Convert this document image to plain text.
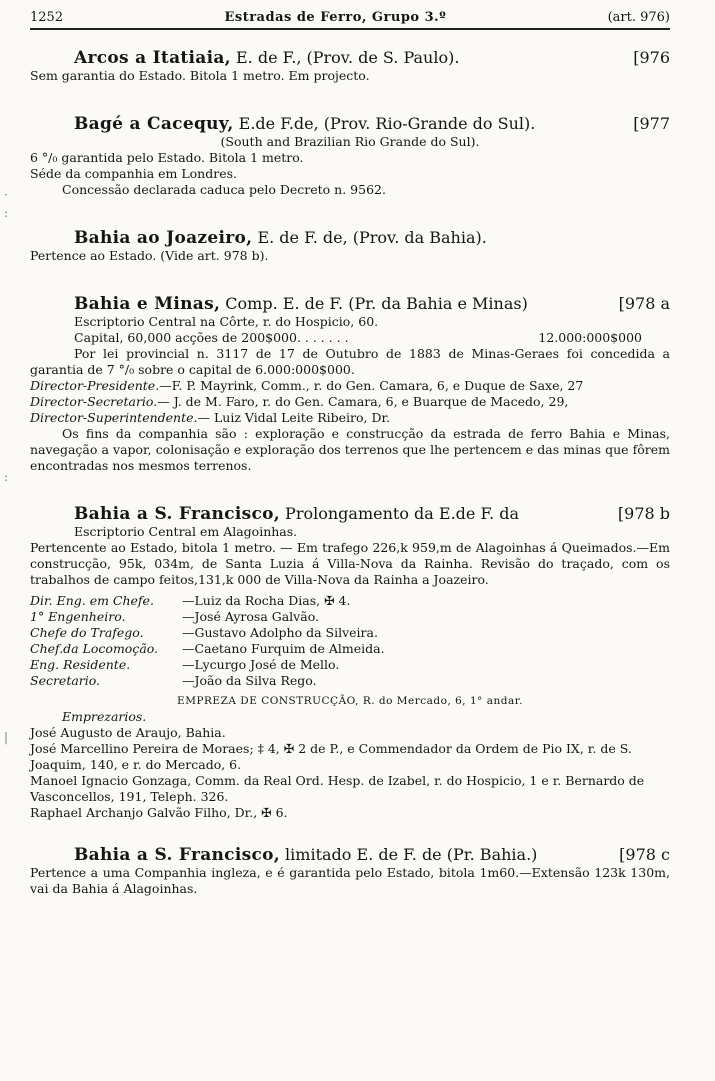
·
:
:
|
1252	Estradas de Ferro, Grupo 3.º	(art. 976)
Arcos a Itatiaia, E. de F., (Prov. de S. Paulo).	[976
Sem garantia do Estado. Bitola 1 metro. Em projecto.
Bagé a Cacequy, E.de F.de, (Prov. Rio-Grande do Sul).	[977
(South and Brazilian Rio Grande do Sul).
6 °/₀ garantida pelo Estado. Bitola 1 metro.
Séde da companhia em Londres.
Concessão declarada caduca pelo Decreto n. 9562.
Bahia ao Joazeiro, E. de F. de, (Prov. da Bahia).
Pertence ao Estado. (Vide art. 978 b).
Bahia e Minas, Comp. E. de F. (Pr. da Bahia e Minas)	[978 a
Escriptorio Central na Côrte, r. do Hospicio, 60.
Capital, 60,000 acções de 200$000. . . . . . .	12.000:000$000
Por lei provincial n. 3117 de 17 de Outubro de 1883 de Minas-Geraes foi concedida a garantia de 7 °/₀ sobre o capital de 6.000:000$000.
Director-Presidente.—F. P. Mayrink, Comm., r. do Gen. Camara, 6, e Duque de Saxe, 27
Director-Secretario.— J. de M. Faro, r. do Gen. Camara, 6, e Buarque de Macedo, 29,
Director-Superintendente.— Luiz Vidal Leite Ribeiro, Dr.
Os fins da companhia são : exploração e construcção da estrada de ferro Bahia e Minas, navegação a vapor, colonisação e exploração dos terrenos que lhe pertencem e das minas que fôrem encontradas nos mesmos terrenos.
Bahia a S. Francisco, Prolongamento da E.de F. da	[978 b
Escriptorio Central em Alagoinhas.
Pertencente ao Estado, bitola 1 metro. — Em trafego 226,k 959,m de Alagoinhas á Queimados.—Em construcção, 95k, 034m, de Santa Luzia á Villa-Nova da Rainha. Revisão do traçado, com os trabalhos de campo feitos,131,k 000 de Villa-Nova da Rainha a Joazeiro.
Dir. Eng. em Chefe.	—Luiz da Rocha Dias, ✠ 4.
1° Engenheiro.	—José Ayrosa Galvão.
Chefe do Trafego.	—Gustavo Adolpho da Silveira.
Chef.da Locomoção.	—Caetano Furquim de Almeida.
Eng. Residente.	—Lycurgo José de Mello.
Secretario.	—João da Silva Rego.
EMPREZA DE CONSTRUCÇÃO, R. do Mercado, 6, 1° andar.
Emprezarios.
José Augusto de Araujo, Bahia.
José Marcellino Pereira de Moraes; ‡ 4, ✠ 2 de P., e Commendador da Ordem de Pio IX, r. de S. Joaquim, 140, e r. do Mercado, 6.
Manoel Ignacio Gonzaga, Comm. da Real Ord. Hesp. de Izabel, r. do Hospicio, 1 e r. Bernardo de Vasconcellos, 191, Teleph. 326.
Raphael Archanjo Galvão Filho, Dr., ✠ 6.
Bahia a S. Francisco, limitado E. de F. de (Pr. Bahia.)	[978 c
Pertence a uma Companhia ingleza, e é garantida pelo Estado, bitola 1m60.—Extensão 123k 130m, vai da Bahia á Alagoinhas.
